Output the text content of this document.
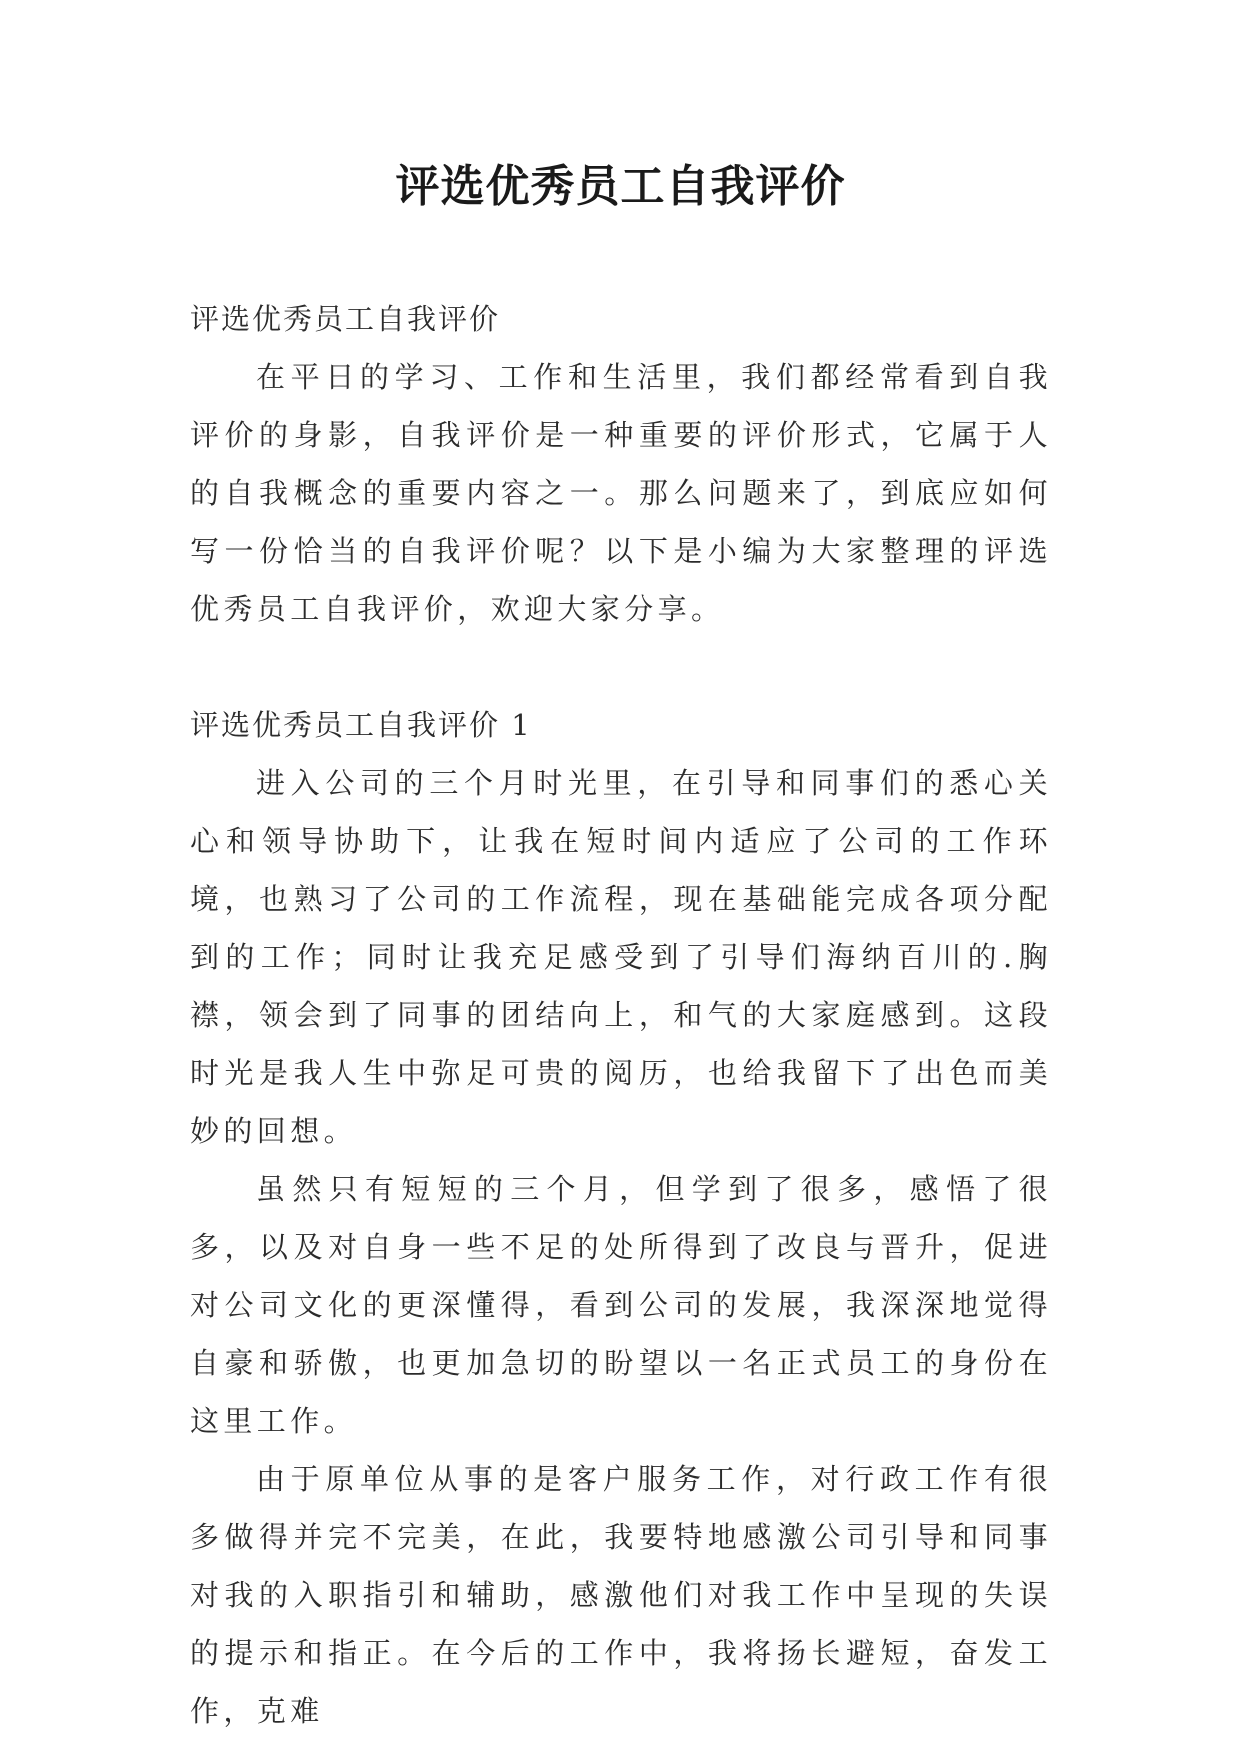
评选优秀员工自我评价

评选优秀员工自我评价

在平日的学习、工作和生活里，我们都经常看到自我评价的身影，自我评价是一种重要的评价形式，它属于人的自我概念的重要内容之一。那么问题来了，到底应如何写一份恰当的自我评价呢？以下是小编为大家整理的评选优秀员工自我评价，欢迎大家分享。

评选优秀员工自我评价 1

进入公司的三个月时光里，在引导和同事们的悉心关心和领导协助下，让我在短时间内适应了公司的工作环境，也熟习了公司的工作流程，现在基础能完成各项分配到的工作；同时让我充足感受到了引导们海纳百川的.胸襟，领会到了同事的团结向上，和气的大家庭感到。这段时光是我人生中弥足可贵的阅历，也给我留下了出色而美妙的回想。

虽然只有短短的三个月，但学到了很多，感悟了很多，以及对自身一些不足的处所得到了改良与晋升，促进对公司文化的更深懂得，看到公司的发展，我深深地觉得自豪和骄傲，也更加急切的盼望以一名正式员工的身份在这里工作。

由于原单位从事的是客户服务工作，对行政工作有很多做得并完不完美，在此，我要特地感激公司引导和同事对我的入职指引和辅助，感激他们对我工作中呈现的失误的提示和指正。在今后的工作中，我将扬长避短，奋发工作，克难
